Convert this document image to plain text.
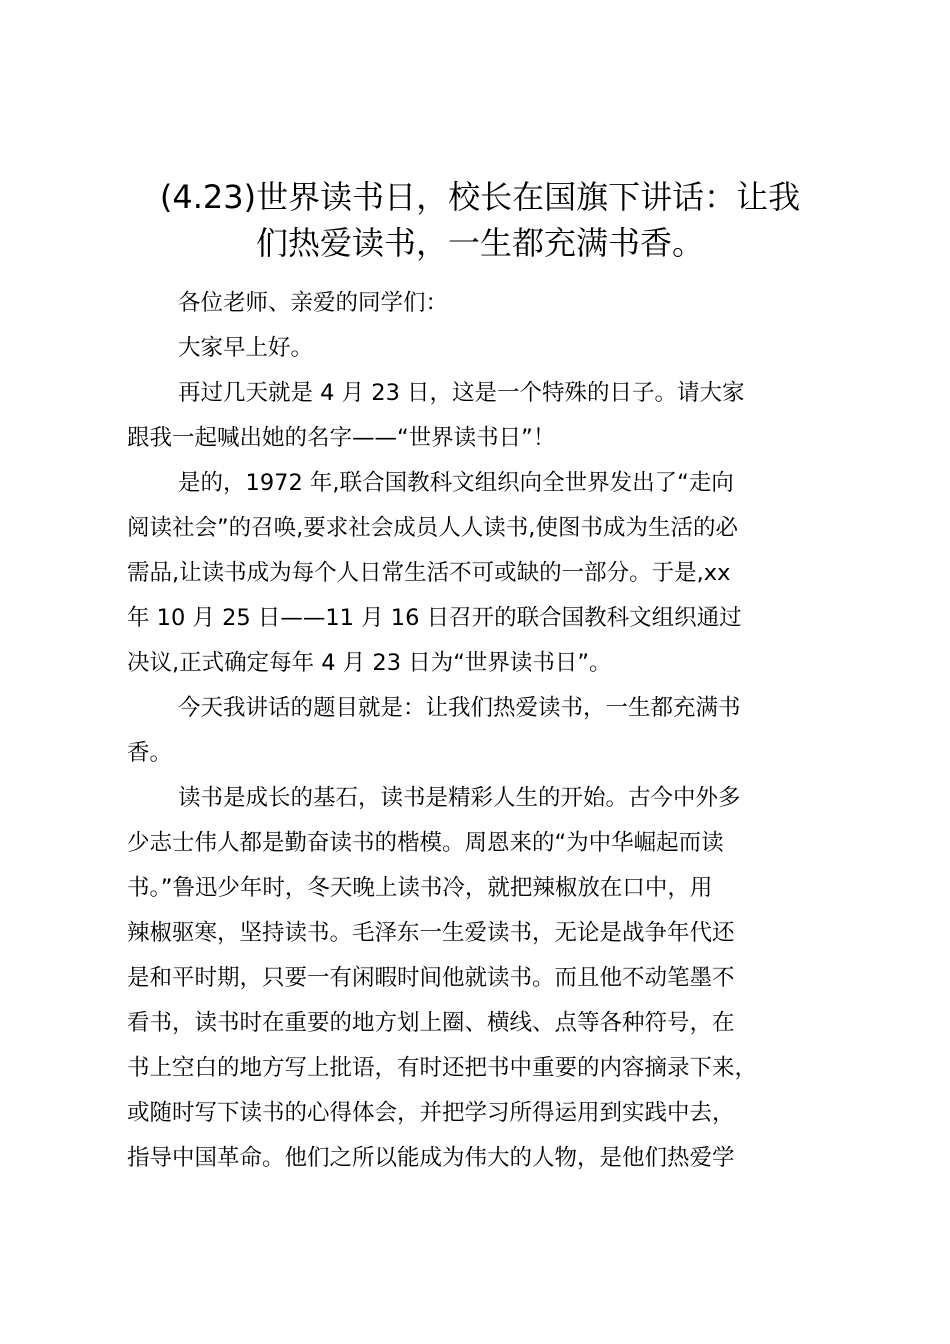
(4.23)世界读书日，校长在国旗下讲话：让我
们热爱读书，一生都充满书香。
各位老师、亲爱的同学们：
大家早上好。
再过几天就是 4 月 23 日，这是一个特殊的日子。请大家
跟我一起喊出她的名字——“世界读书日”！
是的，1972 年,联合国教科文组织向全世界发出了“走向
阅读社会”的召唤,要求社会成员人人读书,使图书成为生活的必
需品,让读书成为每个人日常生活不可或缺的一部分。于是,xx
年 10 月 25 日——11 月 16 日召开的联合国教科文组织通过
决议,正式确定每年 4 月 23 日为“世界读书日”。
今天我讲话的题目就是：让我们热爱读书，一生都充满书
香。
读书是成长的基石，读书是精彩人生的开始。古今中外多
少志士伟人都是勤奋读书的楷模。周恩来的“为中华崛起而读
书。”鲁迅少年时，冬天晚上读书冷，就把辣椒放在口中，用
辣椒驱寒，坚持读书。毛泽东一生爱读书，无论是战争年代还
是和平时期，只要一有闲暇时间他就读书。而且他不动笔墨不
看书，读书时在重要的地方划上圈、横线、点等各种符号，在
书上空白的地方写上批语，有时还把书中重要的内容摘录下来，
或随时写下读书的心得体会，并把学习所得运用到实践中去，
指导中国革命。他们之所以能成为伟大的人物，是他们热爱学
